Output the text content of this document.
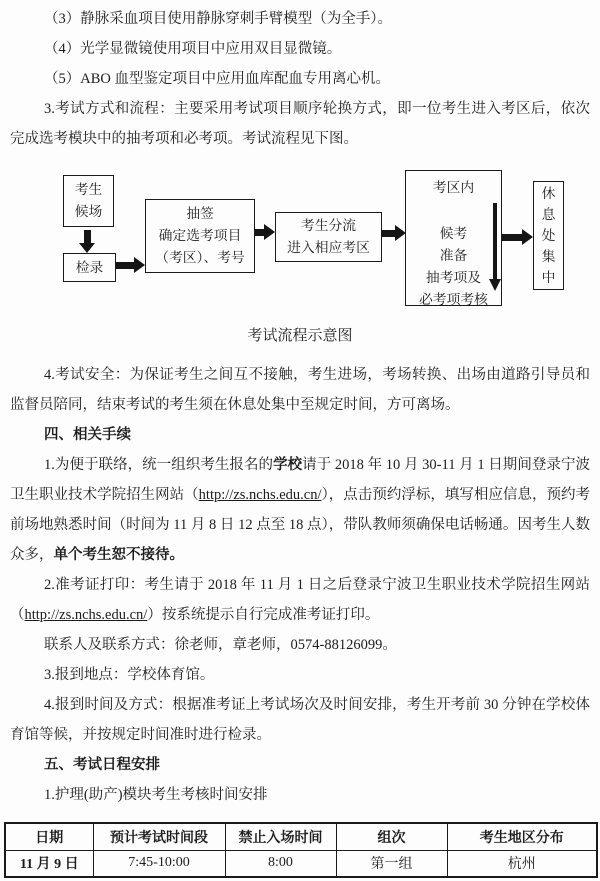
（3）静脉采血项目使用静脉穿刺手臂模型（为全手）。

（4）光学显微镜使用项目中应用双目显微镜。

（5）ABO 血型鉴定项目中应用血库配血专用离心机。

3.考试方式和流程：主要采用考试项目顺序轮换方式，即一位考生进入考区后，依次完成选考模块中的抽考项和必考项。考试流程见下图。

考生
候场
检录
抽签
确定选考项目
（考区）、考号
考生分流
进入相应考区
考区内
候考
准备
抽考项及
必考项考核
休息处集中

考试流程示意图

4.考试安全：为保证考生之间互不接触，考生进场，考场转换、出场由道路引导员和监督员陪同，结束考试的考生须在休息处集中至规定时间，方可离场。

四、相关手续

1.为便于联络，统一组织考生报名的学校请于 2018 年 10 月 30-11 月 1 日期间登录宁波卫生职业技术学院招生网站（http://zs.nchs.edu.cn/），点击预约浮标，填写相应信息，预约考前场地熟悉时间（时间为 11 月 8 日 12 点至 18 点），带队教师须确保电话畅通。因考生人数众多，单个考生恕不接待。

2.准考证打印：考生请于 2018 年 11 月 1 日之后登录宁波卫生职业技术学院招生网站（http://zs.nchs.edu.cn/）按系统提示自行完成准考证打印。

联系人及联系方式：徐老师，章老师，0574-88126099。

3.报到地点：学校体育馆。

4.报到时间及方式：根据准考证上考试场次及时间安排，考生开考前 30 分钟在学校体育馆等候，并按规定时间准时进行检录。

五、考试日程安排

1.护理(助产)模块考生考核时间安排

日期	预计考试时间段	禁止入场时间	组次	考生地区分布
11 月 9 日	7:45-10:00	8:00	第一组	杭州
